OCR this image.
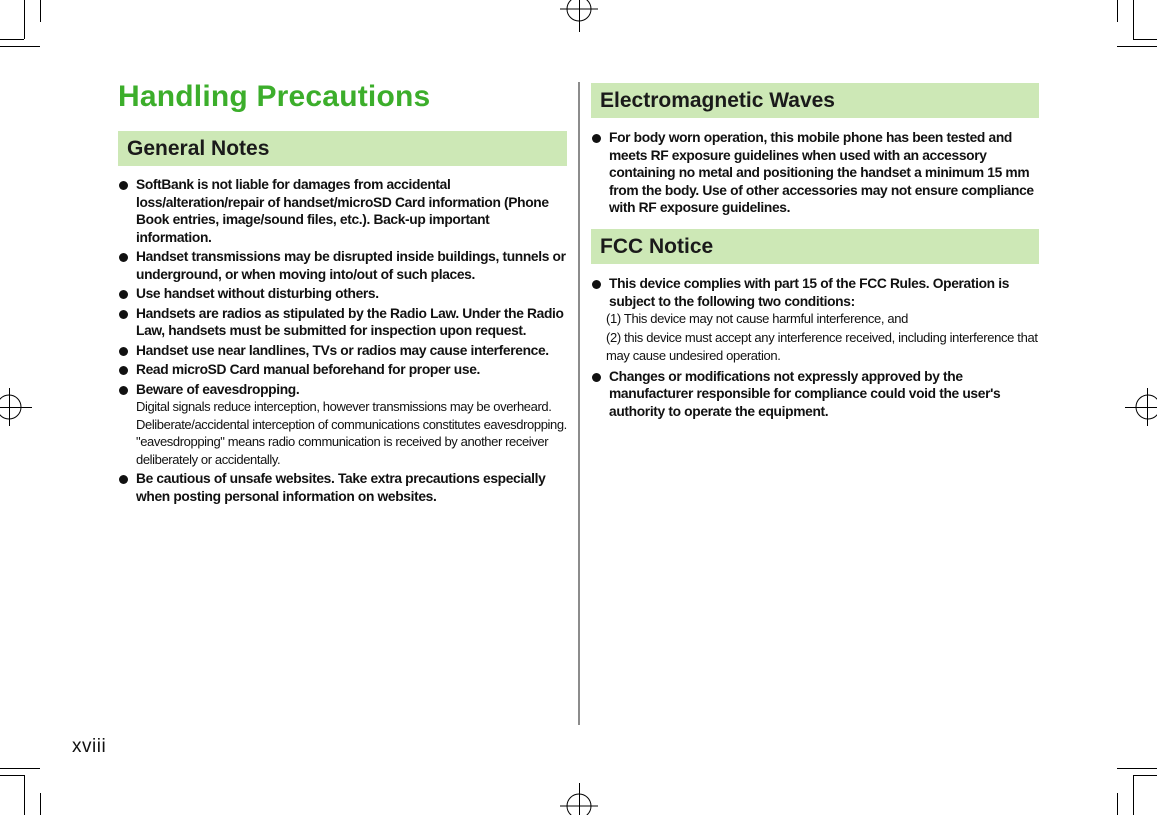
Handling Precautions
General Notes
SoftBank is not liable for damages from accidental loss/alteration/repair of handset/microSD Card information (Phone Book entries, image/sound files, etc.). Back-up important information.
Handset transmissions may be disrupted inside buildings, tunnels or underground, or when moving into/out of such places.
Use handset without disturbing others.
Handsets are radios as stipulated by the Radio Law. Under the Radio Law, handsets must be submitted for inspection upon request.
Handset use near landlines, TVs or radios may cause interference.
Read microSD Card manual beforehand for proper use.
Beware of eavesdropping.
Digital signals reduce interception, however transmissions may be overheard. Deliberate/accidental interception of communications constitutes eavesdropping.
"eavesdropping" means radio communication is received by another receiver deliberately or accidentally.
Be cautious of unsafe websites. Take extra precautions especially when posting personal information on websites.
Electromagnetic Waves
For body worn operation, this mobile phone has been tested and meets RF exposure guidelines when used with an accessory containing no metal and positioning the handset a minimum 15 mm from the body. Use of other accessories may not ensure compliance with RF exposure guidelines.
FCC Notice
This device complies with part 15 of the FCC Rules. Operation is subject to the following two conditions:
(1) This device may not cause harmful interference, and
(2) this device must accept any interference received, including interference that may cause undesired operation.
Changes or modifications not expressly approved by the manufacturer responsible for compliance could void the user's authority to operate the equipment.
xviii
